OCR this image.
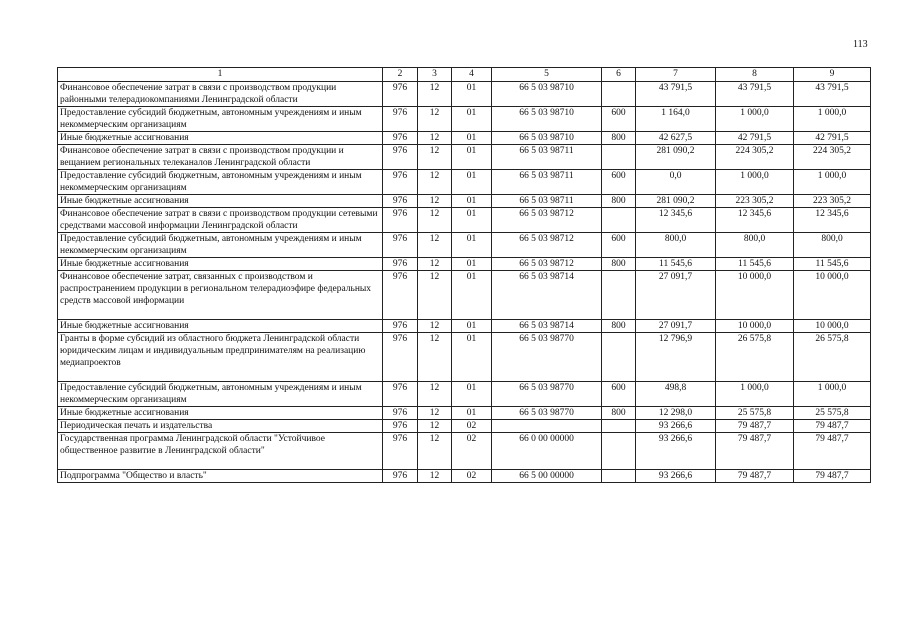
113
1	2	3	4	5	6	7	8	9
Финансовое обеспечение затрат в связи с производством продукции районными телерадиокомпаниями Ленинградской области	976	12	01	66 5 03 98710		43 791,5	43 791,5	43 791,5
Предоставление субсидий бюджетным, автономным учреждениям и иным некоммерческим организациям	976	12	01	66 5 03 98710	600	1 164,0	1 000,0	1 000,0
Иные бюджетные ассигнования	976	12	01	66 5 03 98710	800	42 627,5	42 791,5	42 791,5
Финансовое обеспечение затрат в связи с производством продукции и вещанием региональных телеканалов Ленинградской области	976	12	01	66 5 03 98711		281 090,2	224 305,2	224 305,2
Предоставление субсидий бюджетным, автономным учреждениям и иным некоммерческим организациям	976	12	01	66 5 03 98711	600	0,0	1 000,0	1 000,0
Иные бюджетные ассигнования	976	12	01	66 5 03 98711	800	281 090,2	223 305,2	223 305,2
Финансовое обеспечение затрат в связи с производством продукции сетевыми средствами массовой информации Ленинградской области	976	12	01	66 5 03 98712		12 345,6	12 345,6	12 345,6
Предоставление субсидий бюджетным, автономным учреждениям и иным некоммерческим организациям	976	12	01	66 5 03 98712	600	800,0	800,0	800,0
Иные бюджетные ассигнования	976	12	01	66 5 03 98712	800	11 545,6	11 545,6	11 545,6
Финансовое обеспечение затрат, связанных с производством и распространением продукции в региональном телерадиоэфире федеральных средств массовой информации	976	12	01	66 5 03 98714		27 091,7	10 000,0	10 000,0
Иные бюджетные ассигнования	976	12	01	66 5 03 98714	800	27 091,7	10 000,0	10 000,0
Гранты в форме субсидий из областного бюджета Ленинградской области юридическим лицам и индивидуальным предпринимателям на реализацию медиапроектов	976	12	01	66 5 03 98770		12 796,9	26 575,8	26 575,8
Предоставление субсидий бюджетным, автономным учреждениям и иным некоммерческим организациям	976	12	01	66 5 03 98770	600	498,8	1 000,0	1 000,0
Иные бюджетные ассигнования	976	12	01	66 5 03 98770	800	12 298,0	25 575,8	25 575,8
Периодическая печать и издательства	976	12	02			93 266,6	79 487,7	79 487,7
Государственная программа Ленинградской области "Устойчивое общественное развитие в Ленинградской области"	976	12	02	66 0 00 00000		93 266,6	79 487,7	79 487,7
Подпрограмма "Общество и власть"	976	12	02	66 5 00 00000		93 266,6	79 487,7	79 487,7
